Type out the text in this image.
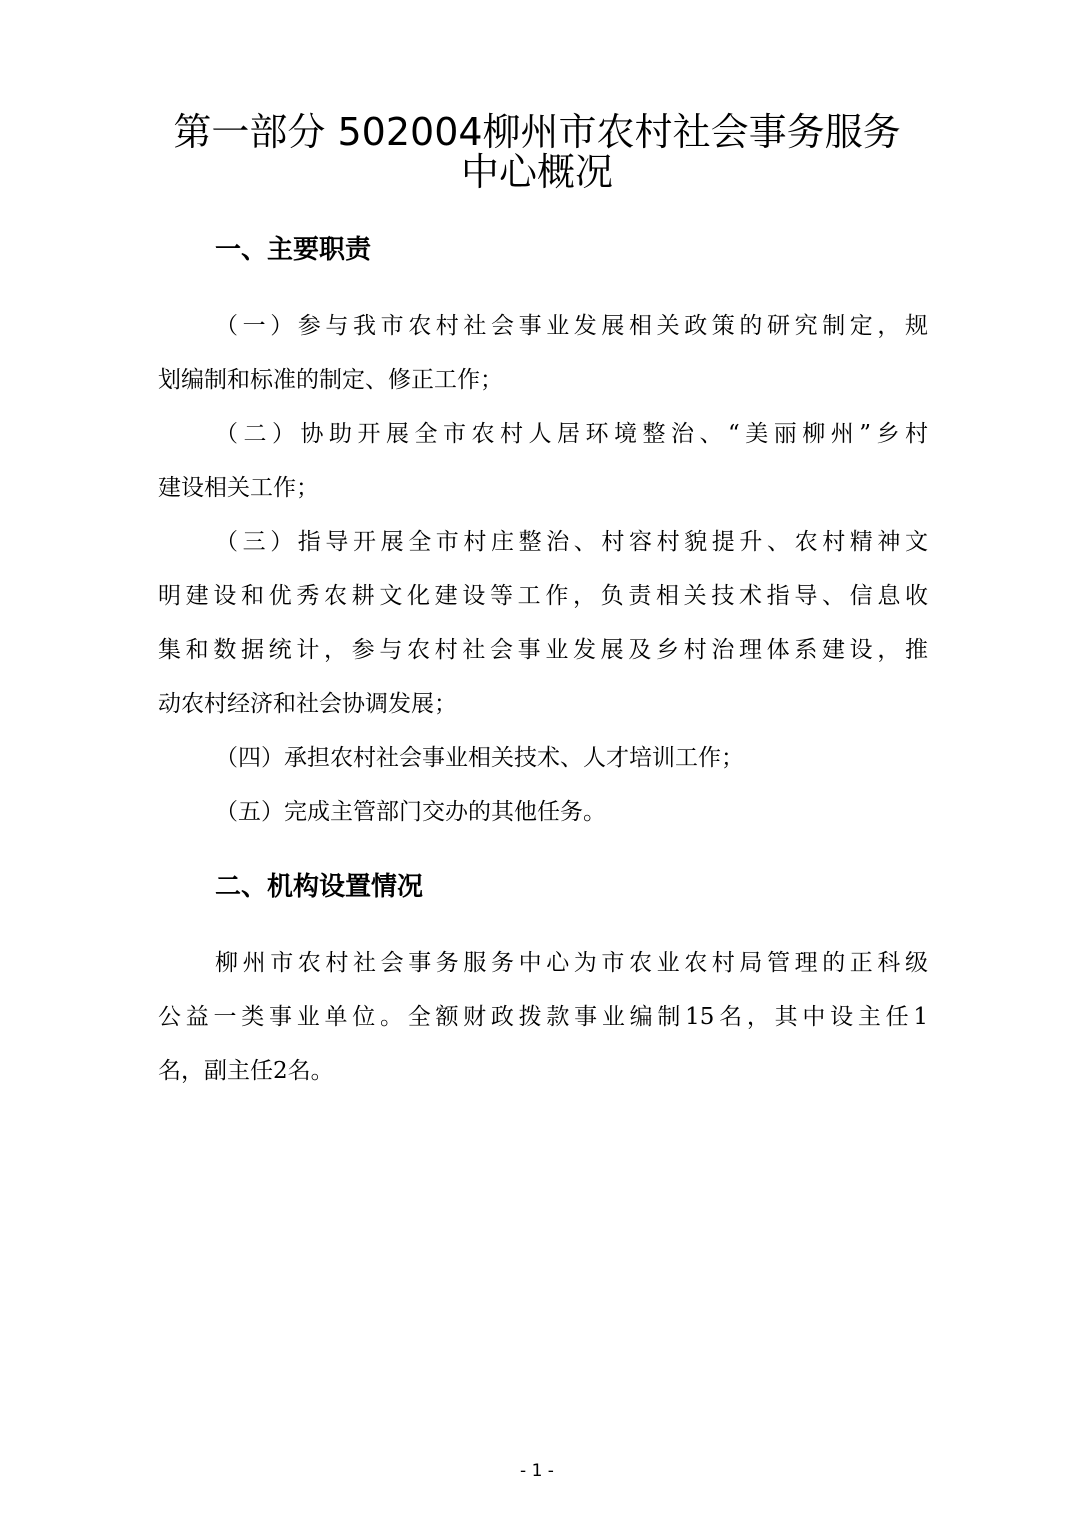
第一部分 502004柳州市农村社会事务服务
中心概况
一、主要职责

（一）参与我市农村社会事业发展相关政策的研究制定，规

划编制和标准的制定、修正工作；

（二）协助开展全市农村人居环境整治、“美丽柳州”乡村

建设相关工作；

（三）指导开展全市村庄整治、村容村貌提升、农村精神文

明建设和优秀农耕文化建设等工作，负责相关技术指导、信息收

集和数据统计，参与农村社会事业发展及乡村治理体系建设，推

动农村经济和社会协调发展；

（四）承担农村社会事业相关技术、人才培训工作；

（五）完成主管部门交办的其他任务。

二、机构设置情况

柳州市农村社会事务服务中心为市农业农村局管理的正科级

公益一类事业单位。全额财政拨款事业编制15名，其中设主任1

名，副主任2名。

- 1 -
